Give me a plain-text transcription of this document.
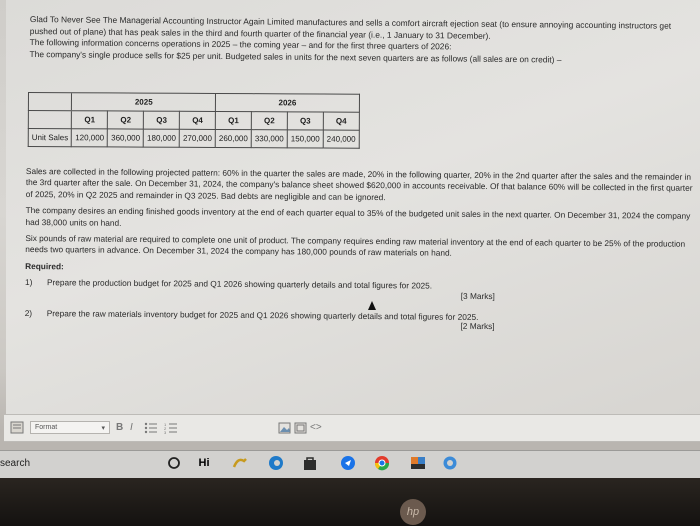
Glad To Never See The Managerial Accounting Instructor Again Limited manufactures and sells a comfort aircraft ejection seat (to ensure annoying accounting instructors get pushed out of plane) that has peak sales in the third and fourth quarter of the financial year (i.e., 1 January to 31 December).

The following information concerns operations in 2025 – the coming year – and for the first three quarters of 2026:

The company's single produce sells for $25 per unit. Budgeted sales in units for the next seven quarters are as follows (all sales are on credit) –

	2025				2026			
	Q1	Q2	Q3	Q4	Q1	Q2	Q3	Q4
Unit Sales	120,000	360,000	180,000	270,000	260,000	330,000	150,000	240,000

Sales are collected in the following projected pattern: 60% in the quarter the sales are made, 20% in the following quarter, 20% in the 2nd quarter after the sales and the remainder in the 3rd quarter after the sale. On December 31, 2024, the company's balance sheet showed $620,000 in accounts receivable. Of that balance 60% will be collected in the first quarter of 2025, 20% in Q2 2025 and remainder in Q3 2025. Bad debts are negligible and can be ignored.

The company desires an ending finished goods inventory at the end of each quarter equal to 35% of the budgeted unit sales in the next quarter. On December 31, 2024 the company had 38,000 units on hand.

Six pounds of raw material are required to complete one unit of product. The company requires ending raw material inventory at the end of each quarter to be 25% of the production needs two quarters in advance. On December 31, 2024 the company has 180,000 pounds of raw materials on hand.

Required:

1)	Prepare the production budget for 2025 and Q1 2026 showing quarterly details and total figures for 2025.
[3 Marks]
2)	Prepare the raw materials inventory budget for 2025 and Q1 2026 showing quarterly details and total figures for 2025.
[2 Marks]
Format	▾ B I	1
2
3	<>
search	Hi
hp
